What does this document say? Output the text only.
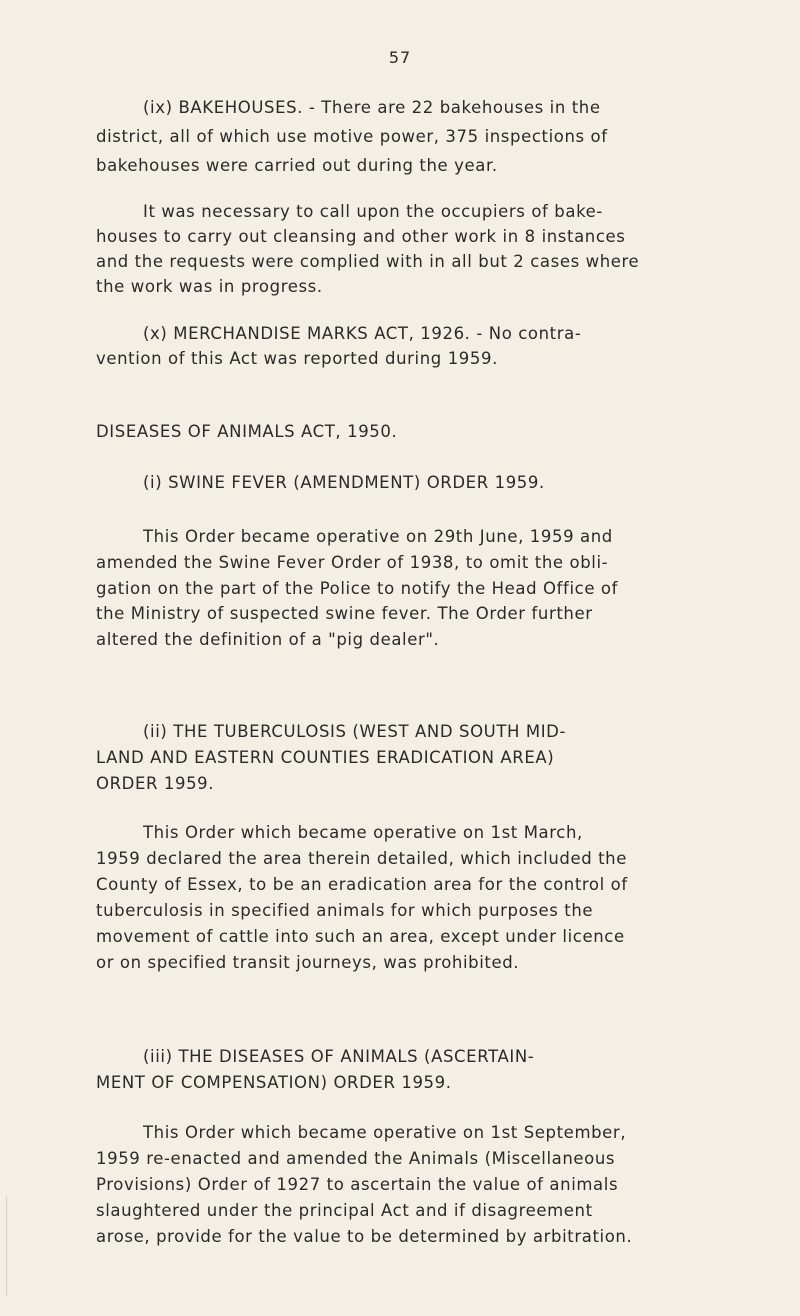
57
(ix) BAKEHOUSES. - There are 22 bakehouses in the
district, all of which use motive power, 375 inspections of
bakehouses were carried out during the year.
It was necessary to call upon the occupiers of bake-
houses to carry out cleansing and other work in 8 instances
and the requests were complied with in all but 2 cases where
the work was in progress.
(x) MERCHANDISE MARKS ACT, 1926. - No contra-
vention of this Act was reported during 1959.
DISEASES OF ANIMALS ACT, 1950.
(i) SWINE FEVER (AMENDMENT) ORDER 1959.
This Order became operative on 29th June, 1959 and
amended the Swine Fever Order of 1938, to omit the obli-
gation on the part of the Police to notify the Head Office of
the Ministry of suspected swine fever. The Order further
altered the definition of a "pig dealer".
(ii) THE TUBERCULOSIS (WEST AND SOUTH MID-
LAND AND EASTERN COUNTIES ERADICATION AREA)
ORDER 1959.
This Order which became operative on 1st March,
1959 declared the area therein detailed, which included the
County of Essex, to be an eradication area for the control of
tuberculosis in specified animals for which purposes the
movement of cattle into such an area, except under licence
or on specified transit journeys, was prohibited.
(iii) THE DISEASES OF ANIMALS (ASCERTAIN-
MENT OF COMPENSATION) ORDER 1959.
This Order which became operative on 1st September,
1959 re-enacted and amended the Animals (Miscellaneous
Provisions) Order of 1927 to ascertain the value of animals
slaughtered under the principal Act and if disagreement
arose, provide for the value to be determined by arbitration.
